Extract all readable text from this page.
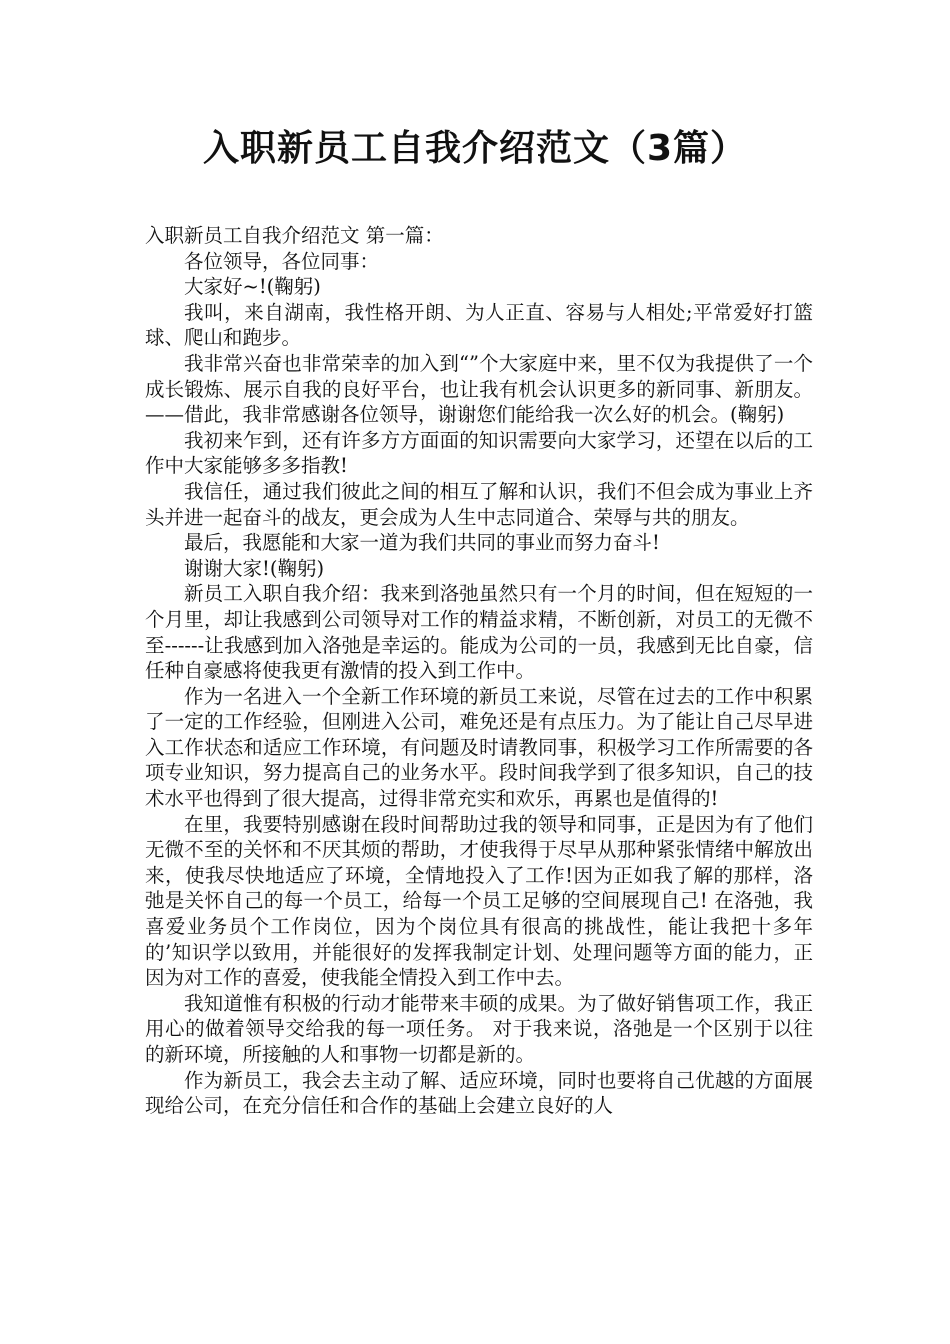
入职新员工自我介绍范文（3篇）

入职新员工自我介绍范文 第一篇：

各位领导，各位同事：

大家好~!(鞠躬)

我叫，来自湖南，我性格开朗、为人正直、容易与人相处;平常爱好打篮球、爬山和跑步。

我非常兴奋也非常荣幸的加入到“”个大家庭中来，里不仅为我提供了一个成长锻炼、展示自我的良好平台，也让我有机会认识更多的新同事、新朋友。——借此，我非常感谢各位领导，谢谢您们能给我一次么好的机会。(鞠躬)

我初来乍到，还有许多方方面面的知识需要向大家学习，还望在以后的工作中大家能够多多指教!

我信任，通过我们彼此之间的相互了解和认识，我们不但会成为事业上齐头并进一起奋斗的战友，更会成为人生中志同道合、荣辱与共的朋友。

最后，我愿能和大家一道为我们共同的事业而努力奋斗!

谢谢大家!(鞠躬)

新员工入职自我介绍：我来到洛弛虽然只有一个月的时间，但在短短的一个月里，却让我感到公司领导对工作的精益求精，不断创新，对员工的无微不至------让我感到加入洛弛是幸运的。能成为公司的一员，我感到无比自豪，信任种自豪感将使我更有激情的投入到工作中。

作为一名进入一个全新工作环境的新员工来说，尽管在过去的工作中积累了一定的工作经验，但刚进入公司，难免还是有点压力。为了能让自己尽早进入工作状态和适应工作环境，有问题及时请教同事，积极学习工作所需要的各项专业知识，努力提高自己的业务水平。段时间我学到了很多知识，自己的技术水平也得到了很大提高，过得非常充实和欢乐，再累也是值得的!

在里，我要特别感谢在段时间帮助过我的领导和同事，正是因为有了他们无微不至的关怀和不厌其烦的帮助，才使我得于尽早从那种紧张情绪中解放出来，使我尽快地适应了环境，全情地投入了工作!因为正如我了解的那样，洛弛是关怀自己的每一个员工，给每一个员工足够的空间展现自己! 在洛弛，我喜爱业务员个工作岗位，因为个岗位具有很高的挑战性，能让我把十多年的’知识学以致用，并能很好的发挥我制定计划、处理问题等方面的能力，正因为对工作的喜爱，使我能全情投入到工作中去。

我知道惟有积极的行动才能带来丰硕的成果。为了做好销售项工作，我正用心的做着领导交给我的每一项任务。 对于我来说，洛弛是一个区别于以往的新环境，所接触的人和事物一切都是新的。

作为新员工，我会去主动了解、适应环境，同时也要将自己优越的方面展现给公司，在充分信任和合作的基础上会建立良好的人
